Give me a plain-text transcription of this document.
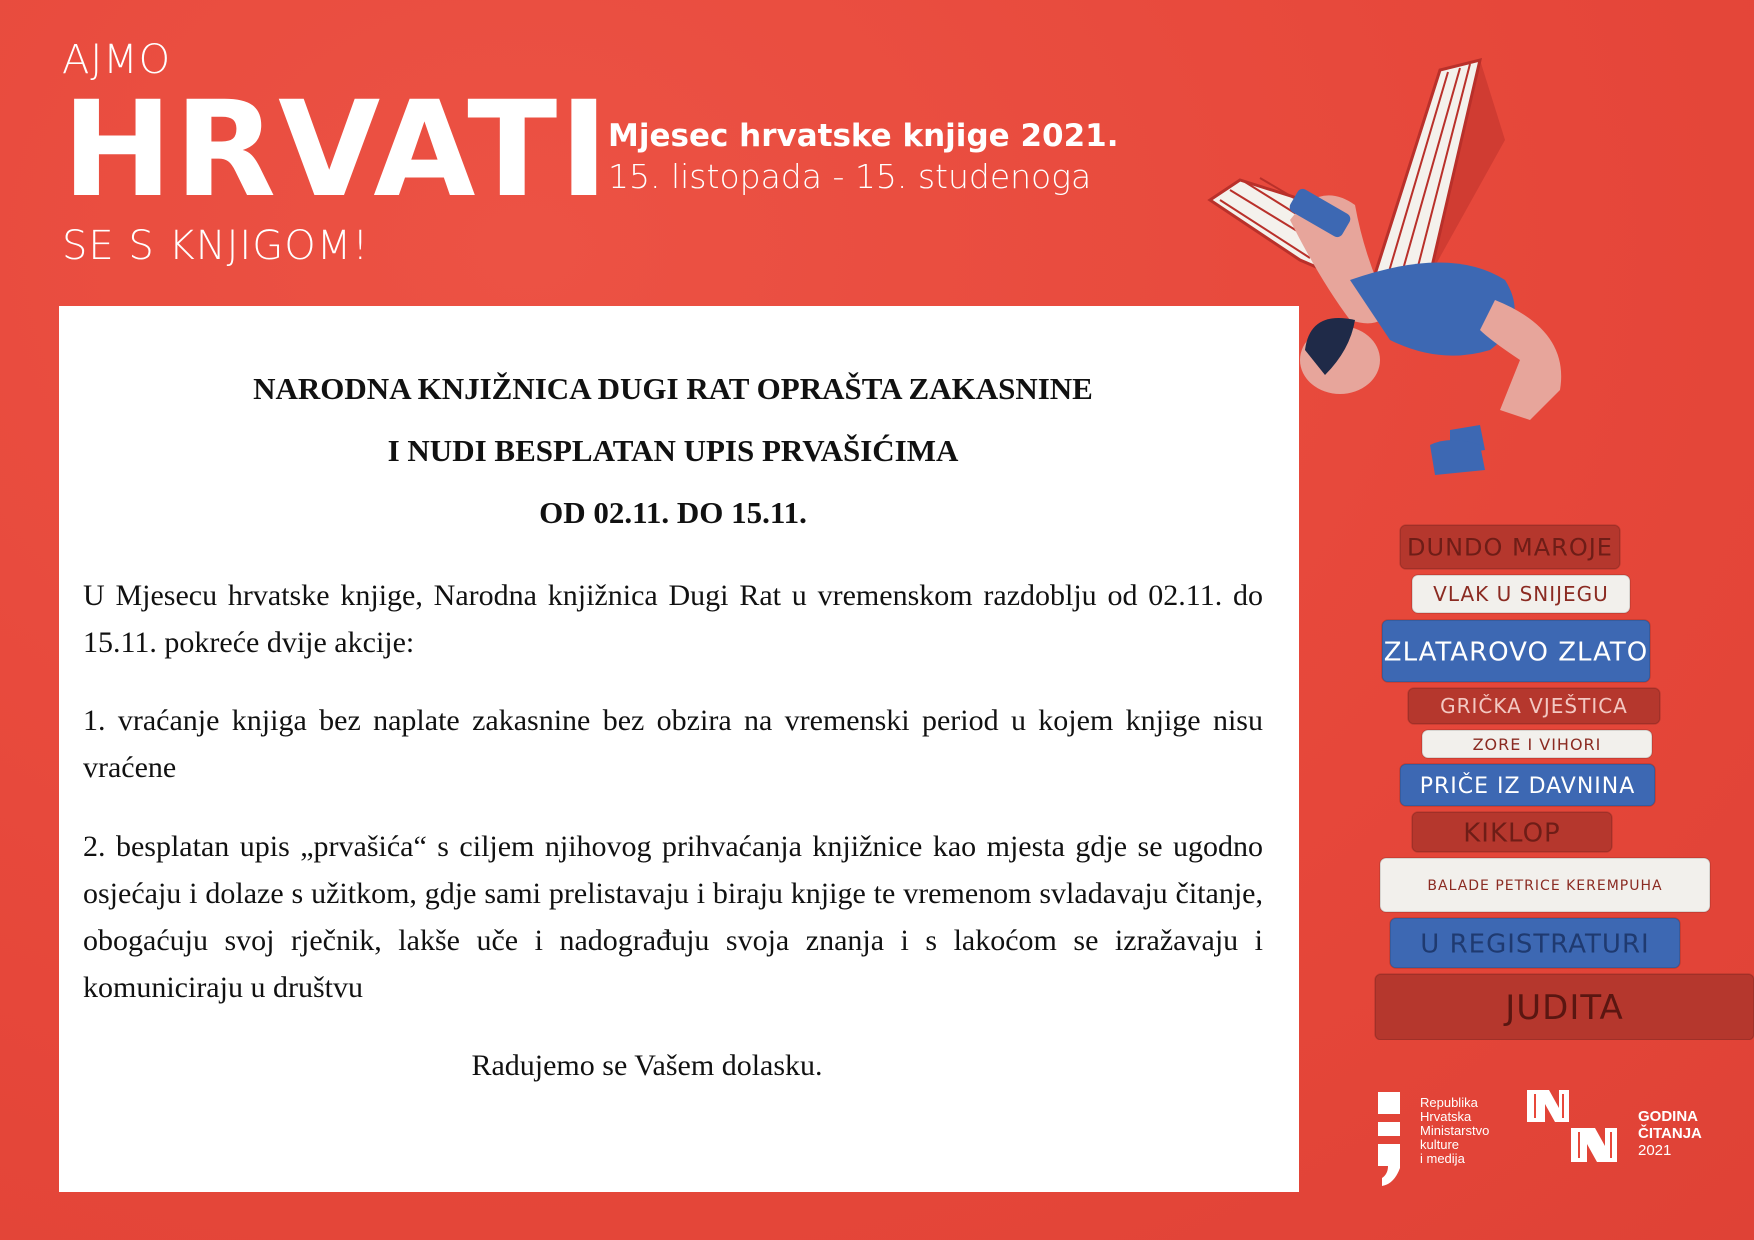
AJMO
HRVATI
SE S KNJIGOM!
Mjesec hrvatske knjige 2021.
15. listopada - 15. studenoga
NARODNA KNJIŽNICA DUGI RAT OPRAŠTA ZAKASNINE
I NUDI BESPLATAN UPIS PRVAŠIĆIMA
OD 02.11. DO 15.11.
U Mjesecu hrvatske knjige, Narodna knjižnica Dugi Rat u vremenskom razdoblju od 02.11. do 15.11. pokreće dvije akcije:
1. vraćanje knjiga bez naplate zakasnine bez obzira na vremenski period u kojem knjige nisu vraćene
2. besplatan upis „prvašića“ s ciljem njihovog prihvaćanja knjižnice kao mjesta gdje se ugodno osjećaju i dolaze s užitkom, gdje sami prelistavaju i biraju knjige te vremenom svladavaju čitanje, obogaćuju svoj rječnik, lakše uče i nadograđuju svoja znanja i s lakoćom se izražavaju i komuniciraju u društvu
Radujemo se Vašem dolasku.
DUNDO MAROJE
VLAK U SNIJEGU
ZLATAROVO ZLATO
GRIČKA VJEŠTICA
ZORE I VIHORI
PRIČE IZ DAVNINA
KIKLOP
BALADE PETRICE KEREMPUHA
U REGISTRATURI
JUDITA
Republika
Hrvatska
Ministarstvo
kulture
i medija
GODINA
ČITANJA
2021
